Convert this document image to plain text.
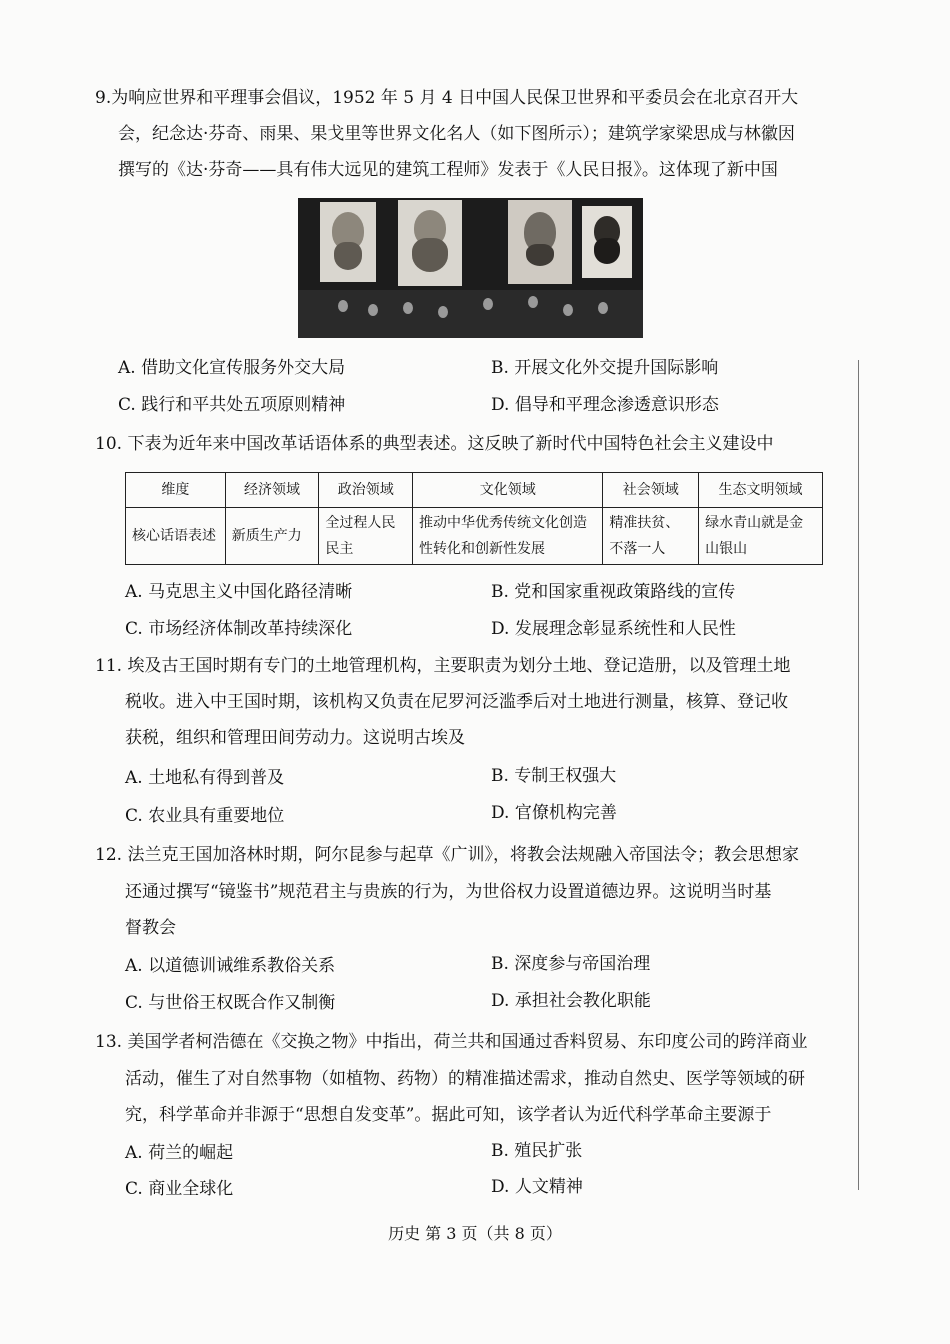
9.为响应世界和平理事会倡议，1952 年 5 月 4 日中国人民保卫世界和平委员会在北京召开大
会，纪念达·芬奇、雨果、果戈里等世界文化名人（如下图所示）；建筑学家梁思成与林徽因
撰写的《达·芬奇——具有伟大远见的建筑工程师》发表于《人民日报》。这体现了新中国
A. 借助文化宣传服务外交大局	B. 开展文化外交提升国际影响
C. 践行和平共处五项原则精神	D. 倡导和平理念渗透意识形态
10. 下表为近年来中国改革话语体系的典型表述。这反映了新时代中国特色社会主义建设中
维度	经济领域	政治领域	文化领域	社会领域	生态文明领域
核心话语表述	新质生产力	全过程人民民主	推动中华优秀传统文化创造性转化和创新性发展	精准扶贫、不落一人	绿水青山就是金山银山
A. 马克思主义中国化路径清晰	B. 党和国家重视政策路线的宣传
C. 市场经济体制改革持续深化	D. 发展理念彰显系统性和人民性
11. 埃及古王国时期有专门的土地管理机构，主要职责为划分土地、登记造册，以及管理土地
税收。进入中王国时期，该机构又负责在尼罗河泛滥季后对土地进行测量，核算、登记收
获税，组织和管理田间劳动力。这说明古埃及
A. 土地私有得到普及	B. 专制王权强大
C. 农业具有重要地位	D. 官僚机构完善
12. 法兰克王国加洛林时期，阿尔昆参与起草《广训》，将教会法规融入帝国法令；教会思想家
还通过撰写“镜鉴书”规范君主与贵族的行为，为世俗权力设置道德边界。这说明当时基
督教会
A. 以道德训诫维系教俗关系	B. 深度参与帝国治理
C. 与世俗王权既合作又制衡	D. 承担社会教化职能
13. 美国学者柯浩德在《交换之物》中指出，荷兰共和国通过香料贸易、东印度公司的跨洋商业
活动，催生了对自然事物（如植物、药物）的精准描述需求，推动自然史、医学等领域的研
究，科学革命并非源于“思想自发变革”。据此可知，该学者认为近代科学革命主要源于
A. 荷兰的崛起	B. 殖民扩张
C. 商业全球化	D. 人文精神
历史 第 3 页（共 8 页）
